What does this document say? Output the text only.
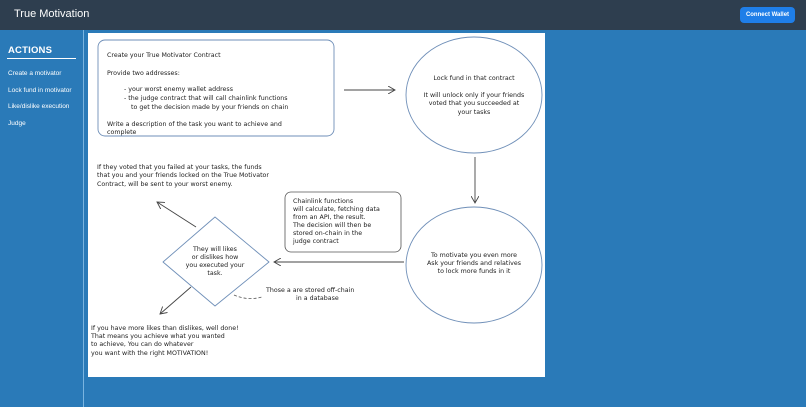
True Motivation	Connect Wallet
ACTIONS
Create a motivator
Lock fund in motivator
Like/dislike execution
Judge
Create your True Motivator Contract
Provide two addresses:
- your worst enemy wallet address
- the judge contract that will call chainlink functions
to get the decision made by your friends on chain
Write a description of the task you want to achieve and
complete
Lock fund in that contract
It will unlock only if your friends
voted that you succeeded at
your tasks
To motivate you even more
Ask your friends and relatives
to lock more funds in it
Chainlink functions
will calculate, fetching data
from an API, the result.
The decision will then be
stored on-chain in the
judge contract
They will likes
or dislikes how
you executed your
task.
Those a are stored off-chain
in a database
If they voted that you failed at your tasks, the funds
that you and your friends locked on the True Motivator
Contract, will be sent to your worst enemy.
If you have more likes than dislikes, well done!
That means you achieve what you wanted
to achieve, You can do whatever
you want with the right MOTIVATION!
